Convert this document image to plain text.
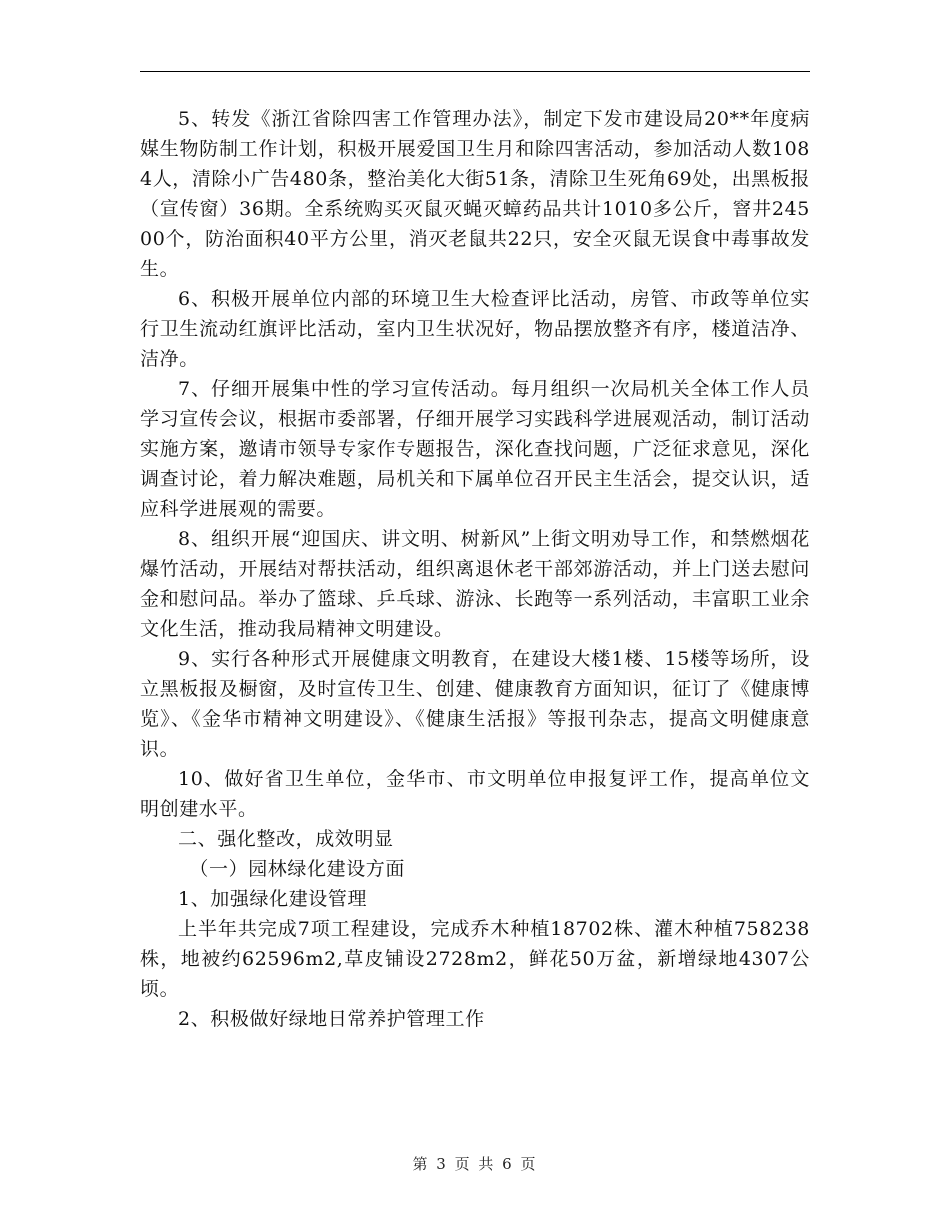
5、转发《浙江省除四害工作管理办法》，制定下发市建设局20**年度病媒生物防制工作计划，积极开展爱国卫生月和除四害活动，参加活动人数1084人，清除小广告480条，整治美化大街51条，清除卫生死角69处，出黑板报（宣传窗）36期。全系统购买灭鼠灭蝇灭蟑药品共计1010多公斤，窨井24500个，防治面积40平方公里，消灭老鼠共22只，安全灭鼠无误食中毒事故发生。

6、积极开展单位内部的环境卫生大检查评比活动，房管、市政等单位实行卫生流动红旗评比活动，室内卫生状况好，物品摆放整齐有序，楼道洁净、洁净。

7、仔细开展集中性的学习宣传活动。每月组织一次局机关全体工作人员学习宣传会议，根据市委部署，仔细开展学习实践科学进展观活动，制订活动实施方案，邀请市领导专家作专题报告，深化查找问题，广泛征求意见，深化调查讨论，着力解决难题，局机关和下属单位召开民主生活会，提交认识，适应科学进展观的需要。

8、组织开展“迎国庆、讲文明、树新风”上街文明劝导工作，和禁燃烟花爆竹活动，开展结对帮扶活动，组织离退休老干部郊游活动，并上门送去慰问金和慰问品。举办了篮球、乒乓球、游泳、长跑等一系列活动，丰富职工业余文化生活，推动我局精神文明建设。

9、实行各种形式开展健康文明教育，在建设大楼1楼、15楼等场所，设立黑板报及橱窗，及时宣传卫生、创建、健康教育方面知识，征订了《健康博览》、《金华市精神文明建设》、《健康生活报》等报刊杂志，提高文明健康意识。

10、做好省卫生单位，金华市、市文明单位申报复评工作，提高单位文明创建水平。

二、强化整改，成效明显

（一）园林绿化建设方面

1、加强绿化建设管理

上半年共完成7项工程建设，完成乔木种植18702株、灌木种植758238株，地被约62596m2,草皮铺设2728m2，鲜花50万盆，新增绿地4307公顷。

2、积极做好绿地日常养护管理工作

第 3 页 共 6 页
